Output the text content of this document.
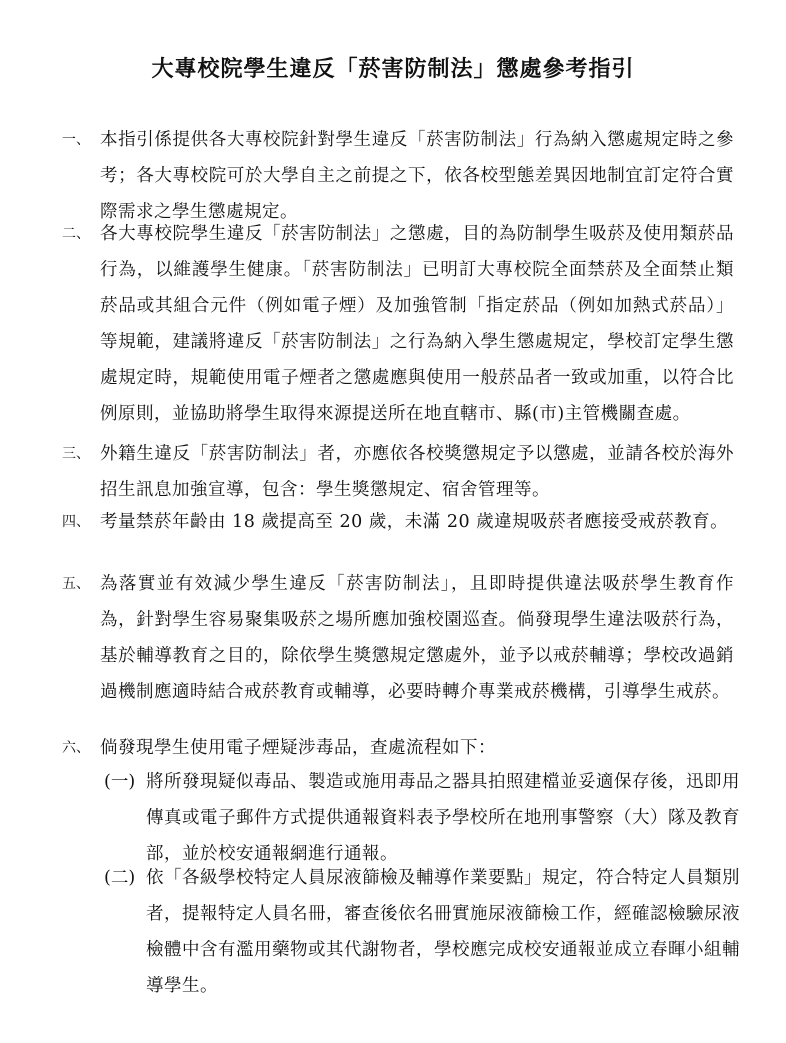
大專校院學生違反「菸害防制法」懲處參考指引
一、 本指引係提供各大專校院針對學生違反「菸害防制法」行為納入懲處規定時之參考；各大專校院可於大學自主之前提之下，依各校型態差異因地制宜訂定符合實際需求之學生懲處規定。
二、 各大專校院學生違反「菸害防制法」之懲處，目的為防制學生吸菸及使用類菸品行為，以維護學生健康。「菸害防制法」已明訂大專校院全面禁菸及全面禁止類菸品或其組合元件（例如電子煙）及加強管制「指定菸品（例如加熱式菸品）」等規範，建議將違反「菸害防制法」之行為納入學生懲處規定，學校訂定學生懲處規定時，規範使用電子煙者之懲處應與使用一般菸品者一致或加重，以符合比例原則，並協助將學生取得來源提送所在地直轄市、縣(市)主管機關查處。
三、 外籍生違反「菸害防制法」者，亦應依各校獎懲規定予以懲處，並請各校於海外招生訊息加強宣導，包含：學生獎懲規定、宿舍管理等。
四、 考量禁菸年齡由 18 歲提高至 20 歲，未滿 20 歲違規吸菸者應接受戒菸教育。
五、 為落實並有效減少學生違反「菸害防制法」，且即時提供違法吸菸學生教育作為，針對學生容易聚集吸菸之場所應加強校園巡查。倘發現學生違法吸菸行為，基於輔導教育之目的，除依學生獎懲規定懲處外，並予以戒菸輔導；學校改過銷過機制應適時結合戒菸教育或輔導，必要時轉介專業戒菸機構，引導學生戒菸。
六、 倘發現學生使用電子煙疑涉毒品，查處流程如下：
(一) 將所發現疑似毒品、製造或施用毒品之器具拍照建檔並妥適保存後，迅即用傳真或電子郵件方式提供通報資料表予學校所在地刑事警察（大）隊及教育部，並於校安通報網進行通報。
(二) 依「各級學校特定人員尿液篩檢及輔導作業要點」規定，符合特定人員類別者，提報特定人員名冊，審查後依名冊實施尿液篩檢工作，經確認檢驗尿液檢體中含有濫用藥物或其代謝物者，學校應完成校安通報並成立春暉小組輔導學生。
